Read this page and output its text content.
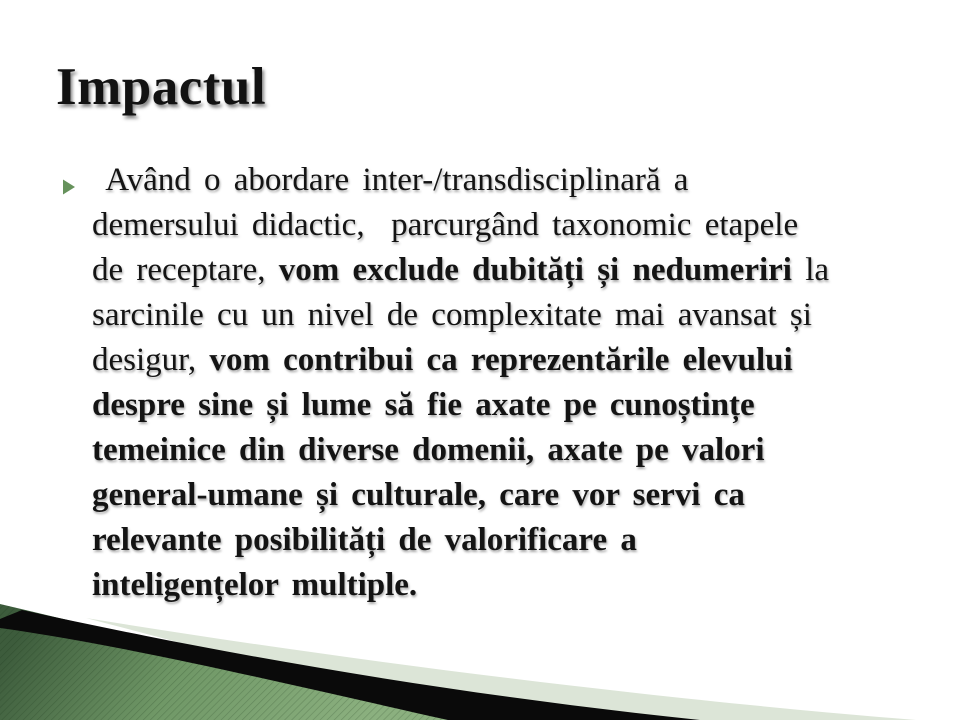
Impactul
Având o abordare inter-/transdisciplinară a
demersului didactic,  parcurgând taxonomic etapele
de receptare, vom exclude dubități și nedumeriri la
sarcinile cu un nivel de complexitate mai avansat și
desigur, vom contribui ca reprezentările elevului
despre sine și lume să fie axate pe cunoștințe
temeinice din diverse domenii, axate pe valori
general-umane și culturale, care vor servi ca
relevante posibilități de valorificare a
inteligențelor multiple.
